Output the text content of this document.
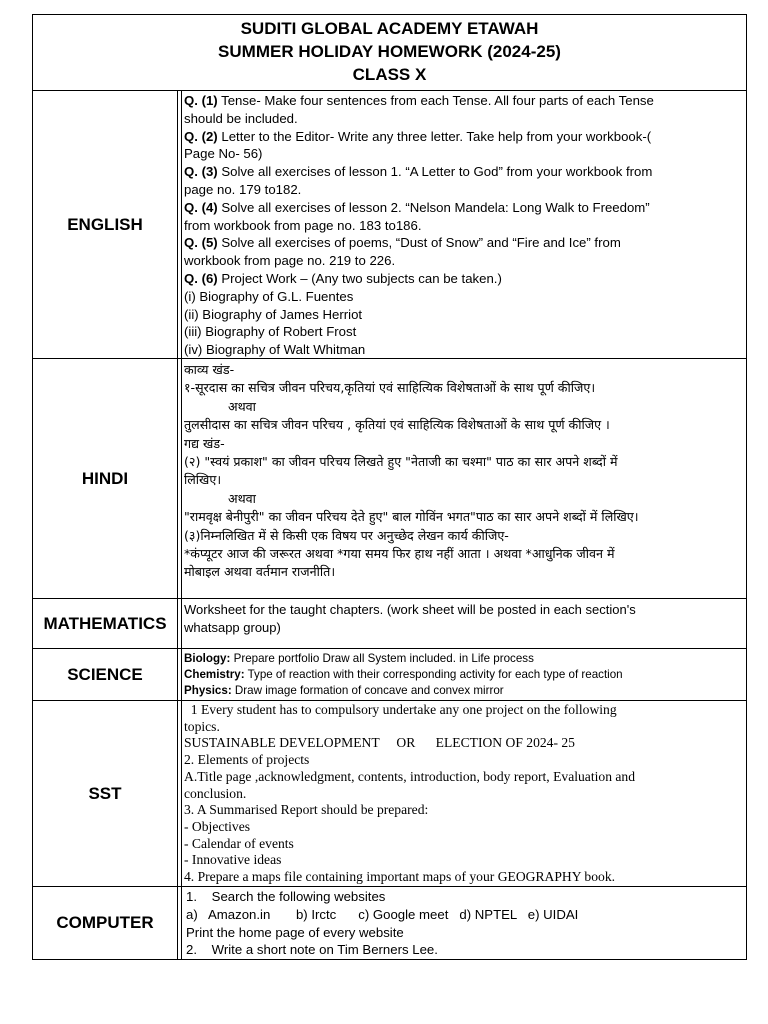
SUDITI GLOBAL ACADEMY ETAWAH
SUMMER HOLIDAY HOMEWORK (2024-25)
CLASS X
ENGLISH
Q. (1) Tense- Make four sentences from each Tense. All four parts of each Tense
should be included.
Q. (2) Letter to the Editor- Write any three letter. Take help from your workbook-(
Page No- 56)
Q. (3) Solve all exercises of lesson 1. “A Letter to God” from your workbook from
page no. 179 to182.
Q. (4) Solve all exercises of lesson 2. “Nelson Mandela: Long Walk to Freedom”
from workbook from page no. 183 to186.
Q. (5) Solve all exercises of poems, “Dust of Snow” and “Fire and Ice” from
workbook from page no. 219 to 226.
Q. (6) Project Work – (Any two subjects can be taken.)
(i) Biography of G.L. Fuentes
(ii) Biography of James Herriot
(iii) Biography of Robert Frost
(iv) Biography of Walt Whitman
HINDI
काव्य खंड-
१-सूरदास का सचित्र जीवन परिचय,कृतियां एवं साहित्यिक विशेषताओं के साथ पूर्ण कीजिए।
अथवा
तुलसीदास का सचित्र जीवन परिचय , कृतियां एवं साहित्यिक विशेषताओं के साथ पूर्ण कीजिए ।
गद्य खंड-
(२) "स्वयं प्रकाश" का जीवन परिचय लिखते हुए "नेताजी का चश्मा" पाठ का सार अपने शब्दों में
लिखिए।
अथवा
"रामवृक्ष बेनीपुरी" का जीवन परिचय देते हुए" बाल गोविंन भगत"पाठ का सार अपने शब्दों में लिखिए।
(३)निम्नलिखित में से किसी एक विषय पर अनुच्छेद लेखन कार्य कीजिए-
*कंप्यूटर आज की जरूरत अथवा *गया समय फिर हाथ नहीं आता । अथवा *आधुनिक जीवन में
मोबाइल अथवा वर्तमान राजनीति।
MATHEMATICS
Worksheet for the taught chapters. (work sheet will be posted in each section's
whatsapp group)
SCIENCE
Biology: Prepare portfolio Draw all System included. in Life process
Chemistry: Type of reaction with their corresponding activity for each type of reaction
Physics: Draw image formation of concave and convex mirror
SST
1 Every student has to compulsory undertake any one project on the following
topics.
SUSTAINABLE DEVELOPMENT     OR      ELECTION OF 2024- 25
2. Elements of projects
A.Title page ,acknowledgment, contents, introduction, body report, Evaluation and
conclusion.
3. A Summarised Report should be prepared:
- Objectives
- Calendar of events
- Innovative ideas
4. Prepare a maps file containing important maps of your GEOGRAPHY book.
COMPUTER
1.    Search the following websites
a)   Amazon.in       b) Irctc      c) Google meet   d) NPTEL   e) UIDAI
Print the home page of every website
2.    Write a short note on Tim Berners Lee.
